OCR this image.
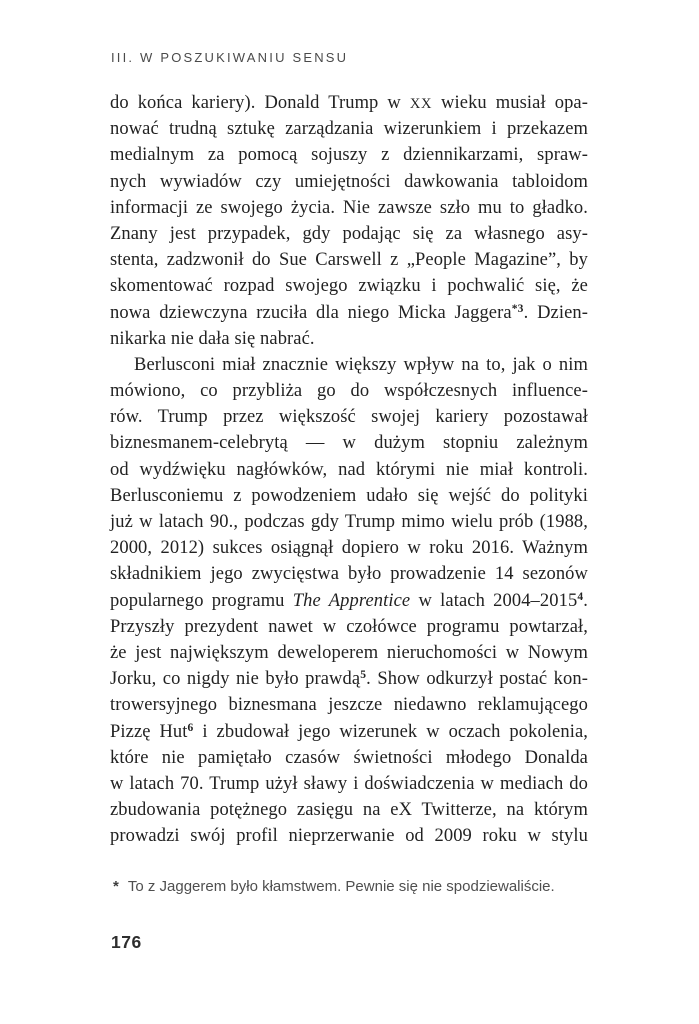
III. W POSZUKIWANIU SENSU
do końca kariery). Donald Trump w XX wieku musiał opa-
nować trudną sztukę zarządzania wizerunkiem i przekazem
medialnym za pomocą sojuszy z dziennikarzami, spraw-
nych wywiadów czy umiejętności dawkowania tabloidom
informacji ze swojego życia. Nie zawsze szło mu to gładko.
Znany jest przypadek, gdy podając się za własnego asy-
stenta, zadzwonił do Sue Carswell z „People Magazine”, by
skomentować rozpad swojego związku i pochwalić się, że
nowa dziewczyna rzuciła dla niego Micka Jaggera$^{*3}$. Dzien-
nikarka nie dała się nabrać.
Berlusconi miał znacznie większy wpływ na to, jak o nim
mówiono, co przybliża go do współczesnych influence-
rów. Trump przez większość swojej kariery pozostawał
biznesmanem-celebrytą — w dużym stopniu zależnym
od wydźwięku nagłówków, nad którymi nie miał kontroli.
Berlusconiemu z powodzeniem udało się wejść do polityki
już w latach 90., podczas gdy Trump mimo wielu prób (1988,
2000, 2012) sukces osiągnął dopiero w roku 2016. Ważnym
składnikiem jego zwycięstwa było prowadzenie 14 sezonów
popularnego programu The Apprentice w latach 2004–2015$^4$.
Przyszły prezydent nawet w czołówce programu powtarzał,
że jest największym deweloperem nieruchomości w Nowym
Jorku, co nigdy nie było prawdą$^5$. Show odkurzył postać kon-
trowersyjnego biznesmana jeszcze niedawno reklamującego
Pizzę Hut$^6$ i zbudował jego wizerunek w oczach pokolenia,
które nie pamiętało czasów świetności młodego Donalda
w latach 70. Trump użył sławy i doświadczenia w mediach do
zbudowania potężnego zasięgu na eX Twitterze, na którym
prowadzi swój profil nieprzerwanie od 2009 roku w stylu
* To z Jaggerem było kłamstwem. Pewnie się nie spodziewaliście.
176
